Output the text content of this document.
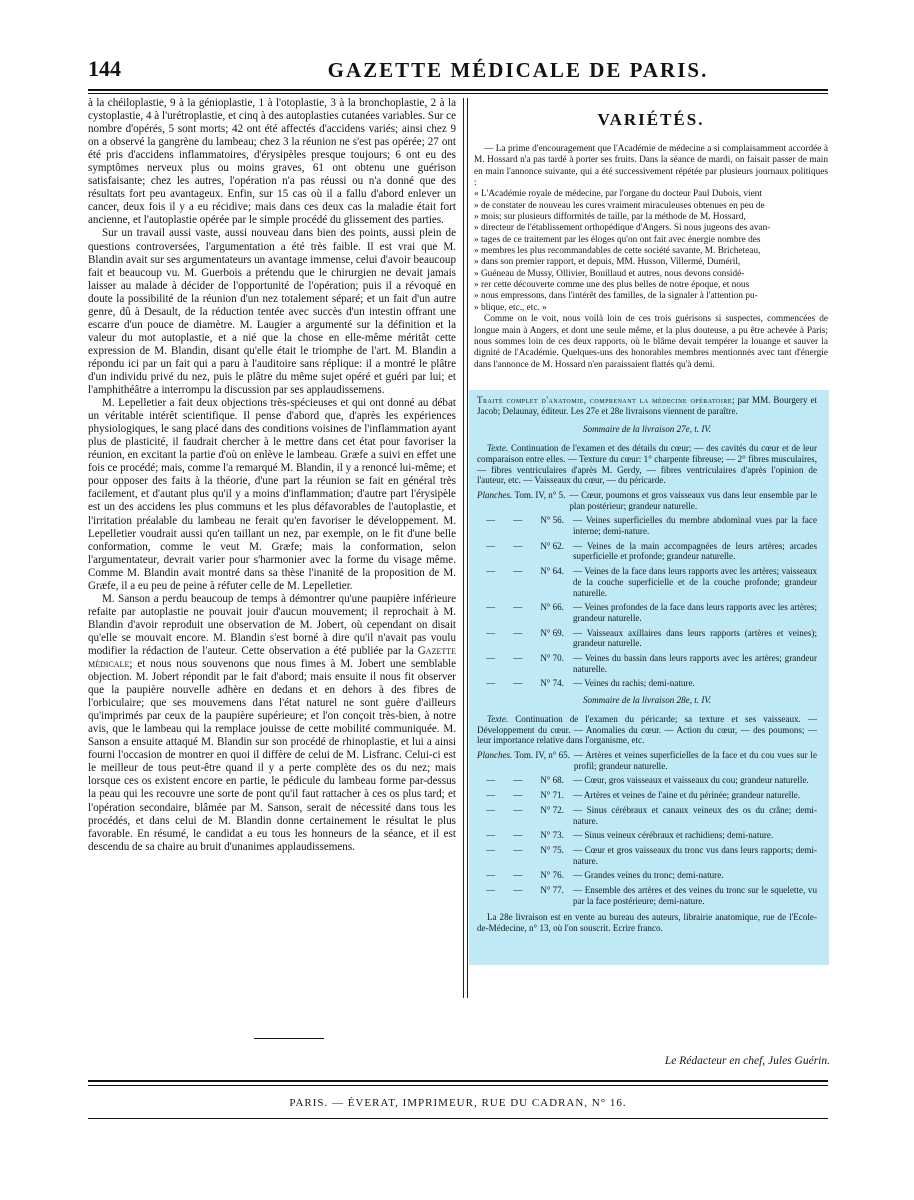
144	GAZETTE MÉDICALE DE PARIS.

à la chéiloplastie, 9 à la génioplastie, 1 à l'otoplastie, 3 à la bronchoplastie, 2 à la cystoplastie, 4 à l'urétroplastie, et cinq à des autoplasties cutanées variables. Sur ce nombre d'opérés, 5 sont morts; 42 ont été affectés d'accidens variés; ainsi chez 9 on a observé la gangrène du lambeau; chez 3 la réunion ne s'est pas opérée; 27 ont été pris d'accidens inflammatoires, d'érysipèles presque toujours; 6 ont eu des symptômes nerveux plus ou moins graves, 61 ont obtenu une guérison satisfaisante; chez les autres, l'opération n'a pas réussi ou n'a donné que des résultats fort peu avantageux. Enfin, sur 15 cas où il a fallu d'abord enlever un cancer, deux fois il y a eu récidive; mais dans ces deux cas la maladie était fort ancienne, et l'autoplastie opérée par le simple procédé du glissement des parties.

Sur un travail aussi vaste, aussi nouveau dans bien des points, aussi plein de questions controversées, l'argumentation a été très faible. Il est vrai que M. Blandin avait sur ses argumentateurs un avantage immense, celui d'avoir beaucoup fait et beaucoup vu. M. Guerbois a prétendu que le chirurgien ne devait jamais laisser au malade à décider de l'opportunité de l'opération; puis il a révoqué en doute la possibilité de la réunion d'un nez totalement séparé; et un fait d'un autre genre, dû à Desault, de la réduction tentée avec succès d'un intestin offrant une escarre d'un pouce de diamètre. M. Laugier a argumenté sur la définition et la valeur du mot autoplastie, et a nié que la chose en elle-même méritât cette expression de M. Blandin, disant qu'elle était le triomphe de l'art. M. Blandin a répondu ici par un fait qui a paru à l'auditoire sans réplique: il a montré le plâtre d'un individu privé du nez, puis le plâtre du même sujet opéré et guéri par lui; et l'amphithéâtre a interrompu la discussion par ses applaudissemens.

M. Lepelletier a fait deux objections très-spécieuses et qui ont donné au débat un véritable intérêt scientifique. Il pense d'abord que, d'après les expériences physiologiques, le sang placé dans des conditions voisines de l'inflammation ayant plus de plasticité, il faudrait chercher à le mettre dans cet état pour favoriser la réunion, en excitant la partie d'où on enlève le lambeau. Græfe a suivi en effet une fois ce procédé; mais, comme l'a remarqué M. Blandin, il y a renoncé lui-même; et pour opposer des faits à la théorie, d'une part la réunion se fait en général très facilement, et d'autant plus qu'il y a moins d'inflammation; d'autre part l'érysipèle est un des accidens les plus communs et les plus défavorables de l'autoplastie, et l'irritation préalable du lambeau ne ferait qu'en favoriser le développement. M. Lepelletier voudrait aussi qu'en taillant un nez, par exemple, on le fit d'une belle conformation, comme le veut M. Græfe; mais la conformation, selon l'argumentateur, devrait varier pour s'harmonier avec la forme du visage même. Comme M. Blandin avait montré dans sa thèse l'inanité de la proposition de M. Græfe, il a eu peu de peine à réfuter celle de M. Lepelletier.

M. Sanson a perdu beaucoup de temps à démontrer qu'une paupière inférieure refaite par autoplastie ne pouvait jouir d'aucun mouvement; il reprochait à M. Blandin d'avoir reproduit une observation de M. Jobert, où cependant on disait qu'elle se mouvait encore. M. Blandin s'est borné à dire qu'il n'avait pas voulu modifier la rédaction de l'auteur. Cette observation a été publiée par la Gazette médicale; et nous nous souvenons que nous fimes à M. Jobert une semblable objection. M. Jobert répondit par le fait d'abord; mais ensuite il nous fit observer que la paupière nouvelle adhère en dedans et en dehors à des fibres de l'orbiculaire; que ses mouvemens dans l'état naturel ne sont guère d'ailleurs qu'imprimés par ceux de la paupière supérieure; et l'on conçoit très-bien, à notre avis, que le lambeau qui la remplace jouisse de cette mobilité communiquée. M. Sanson a ensuite attaqué M. Blandin sur son procédé de rhinoplastie, et lui a ainsi fourni l'occasion de montrer en quoi il diffère de celui de M. Lisfranc. Celui-ci est le meilleur de tous peut-être quand il y a perte complète des os du nez; mais lorsque ces os existent encore en partie, le pédicule du lambeau forme par-dessus la peau qui les recouvre une sorte de pont qu'il faut rattacher à ces os plus tard; et l'opération secondaire, blâmée par M. Sanson, serait de nécessité dans tous les procédés, et dans celui de M. Blandin donne certainement le résultat le plus favorable. En résumé, le candidat a eu tous les honneurs de la séance, et il est descendu de sa chaire au bruit d'unanimes applaudissemens.

VARIÉTÉS.

— La prime d'encouragement que l'Académie de médecine a si complaisamment accordée à M. Hossard n'a pas tardé à porter ses fruits. Dans la séance de mardi, on faisait passer de main en main l'annonce suivante, qui a été successivement répétée par plusieurs journaux politiques :

« L'Académie royale de médecine, par l'organe du docteur Paul Dubois, vient
» de constater de nouveau les cures vraiment miraculeuses obtenues en peu de
» mois; sur plusieurs difformités de taille, par la méthode de M. Hossard,
» directeur de l'établissement orthopédique d'Angers. Si nous jugeons des avan-
» tages de ce traitement par les éloges qu'on ont fait avec énergie nombre des
» membres les plus recommandables de cette société savante, M. Bricheteau,
» dans son premier rapport, et depuis, MM. Husson, Villermé, Duméril,
» Guéneau de Mussy, Ollivier, Bouillaud et autres, nous devons considé-
» rer cette découverte comme une des plus belles de notre époque, et nous
» nous empressons, dans l'intérêt des familles, de la signaler à l'attention pu-
» blique, etc., etc. »

Comme on le voit, nous voilà loin de ces trois guérisons si suspectes, commencées de longue main à Angers, et dont une seule même, et la plus douteuse, a pu être achevée à Paris; nous sommes loin de ces deux rapports, où le blâme devait tempérer la louange et sauver la dignité de l'Académie. Quelques-uns des honorables membres mentionnés avec tant d'énergie dans l'annonce de M. Hossard n'en paraissaient flattés qu'à demi.

Traité complet d'anatomie, comprenant la médecine opératoire; par MM. Bourgery et Jacob; Delaunay, éditeur. Les 27e et 28e livraisons viennent de paraître.

Sommaire de la livraison 27e, t. IV.

Texte. Continuation de l'examen et des détails du cœur; — des cavités du cœur et de leur comparaison entre elles. — Texture du cœur: 1° charpente fibreuse; — 2° fibres musculaires, — fibres ventriculaires d'après M. Gerdy, — fibres ventriculaires d'après l'opinion de l'auteur, etc. — Vaisseaux du cœur, — du péricarde.

Planches.
Tom. IV,
n° 5. — Cœur, poumons et gros vaisseaux vus dans leur ensemble par le plan postérieur; grandeur naturelle.
— — N° 56. — Veines superficielles du membre abdominal vues par la face interne; demi-nature.
— — N° 62. — Veines de la main accompagnées de leurs artères; arcades superficielle et profonde; grandeur naturelle.
— — N° 64. — Veines de la face dans leurs rapports avec les artères; vaisseaux de la couche superficielle et de la couche profonde; grandeur naturelle.
— — N° 66. — Veines profondes de la face dans leurs rapports avec les artères; grandeur naturelle.
— — N° 69. — Vaisseaux axillaires dans leurs rapports (artères et veines); grandeur naturelle.
— — N° 70. — Veines du bassin dans leurs rapports avec les artères; grandeur naturelle.
— — N° 74. — Veines du rachis; demi-nature.
Sommaire de la livraison 28e, t. IV.

Texte. Continuation de l'examen du péricarde; sa texture et ses vaisseaux. — Développement du cœur. — Anomalies du cœur. — Action du cœur, — des poumons; — leur importance relative dans l'organisme, etc.

Planches.
Tom. IV,
n° 65. — Artères et veines superficielles de la face et du cou vues sur le profil; grandeur naturelle.
— — N° 68. — Cœur, gros vaisseaux et vaisseaux du cou; grandeur naturelle.
— — N° 71. — Artères et veines de l'aine et du périnée; grandeur naturelle.
— — N° 72. — Sinus cérébraux et canaux veineux des os du crâne; demi-nature.
— — N° 73. — Sinus veineux cérébraux et rachidiens; demi-nature.
— — N° 75. — Cœur et gros vaisseaux du tronc vus dans leurs rapports; demi-nature.
— — N° 76. — Grandes veines du tronc; demi-nature.
— — N° 77. — Ensemble des artères et des veines du tronc sur le squelette, vu par la face postérieure; demi-nature.

La 28e livraison est en vente au bureau des auteurs, librairie anatomique, rue de l'Ecole-de-Médecine, n° 13, où l'on souscrit. Ecrire franco.

Le Rédacteur en chef, Jules Guérin.
PARIS. — ÉVERAT, IMPRIMEUR, RUE DU CADRAN, N° 16.
